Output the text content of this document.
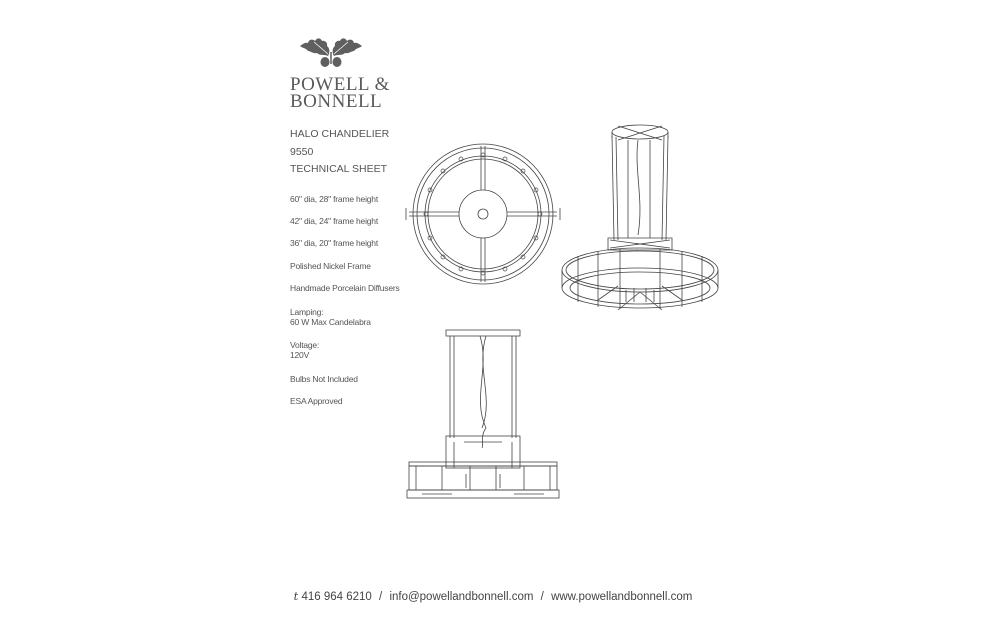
POWELL &
BONNELL
HALO CHANDELIER
9550
TECHNICAL SHEET
60" dia, 28" frame height
42" dia, 24" frame height
36" dia, 20" frame height
Polished Nickel Frame
Handmade Porcelain Diffusers
Lamping:
60 W Max Candelabra
Voltage:
120V
Bulbs Not Included
ESA Approved
t 416 964 6210 / info@powellandbonnell.com / www.powellandbonnell.com
